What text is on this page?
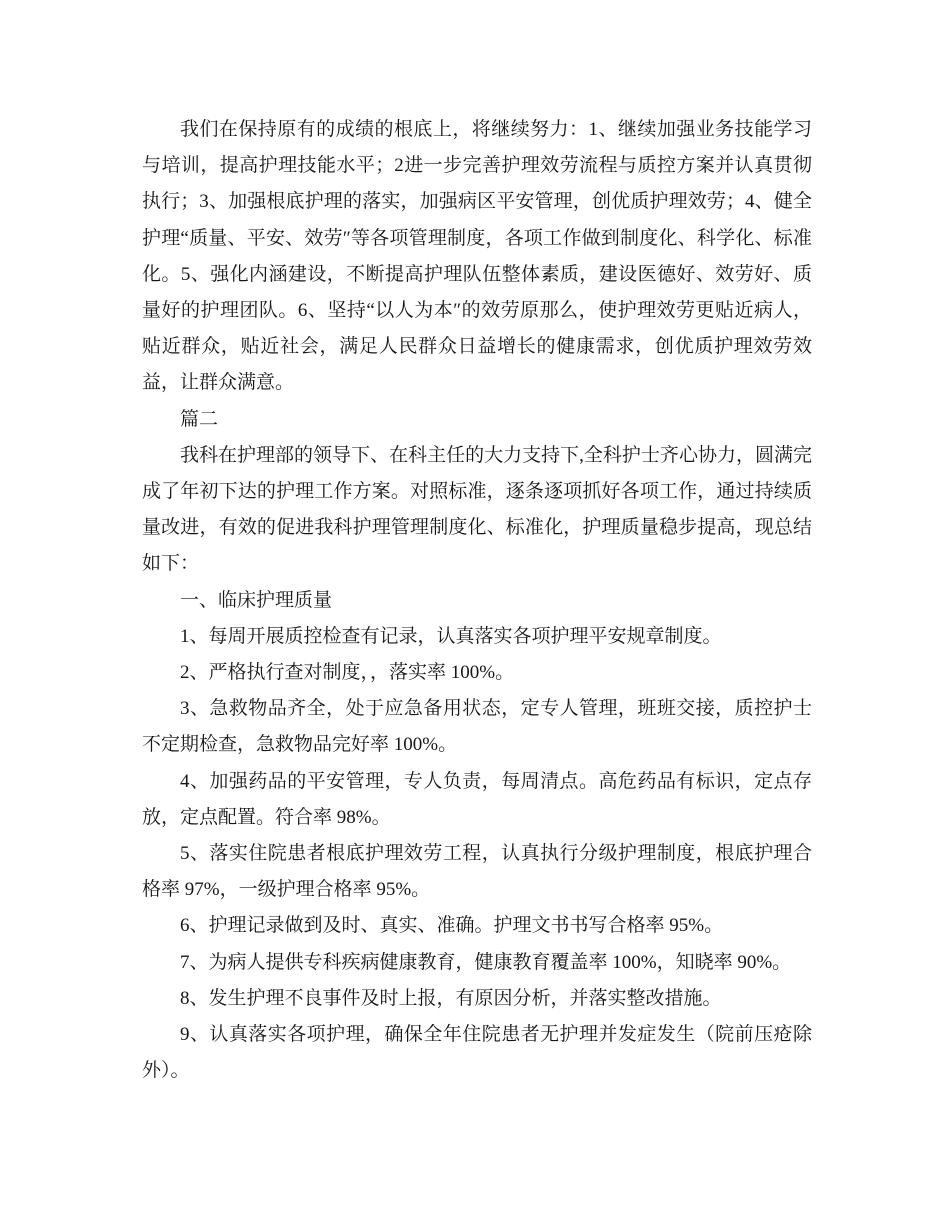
我们在保持原有的成绩的根底上，将继续努力：1、继续加强业务技能学习与培训，提高护理技能水平；2进一步完善护理效劳流程与质控方案并认真贯彻执行；3、加强根底护理的落实，加强病区平安管理，创优质护理效劳；4、健全护理“质量、平安、效劳″等各项管理制度，各项工作做到制度化、科学化、标准化。5、强化内涵建设，不断提高护理队伍整体素质，建设医德好、效劳好、质量好的护理团队。6、坚持“以人为本″的效劳原那么，使护理效劳更贴近病人，贴近群众，贴近社会，满足人民群众日益增长的健康需求，创优质护理效劳效益，让群众满意。

篇二

我科在护理部的领导下、在科主任的大力支持下,全科护士齐心协力，圆满完成了年初下达的护理工作方案。对照标准，逐条逐项抓好各项工作，通过持续质量改进，有效的促进我科护理管理制度化、标准化，护理质量稳步提高，现总结如下：

一、临床护理质量

1、每周开展质控检查有记录，认真落实各项护理平安规章制度。

2、严格执行查对制度，，落实率 100%。

3、急救物品齐全，处于应急备用状态，定专人管理，班班交接，质控护士不定期检查，急救物品完好率 100%。

4、加强药品的平安管理，专人负责，每周清点。高危药品有标识，定点存放，定点配置。符合率 98%。

5、落实住院患者根底护理效劳工程，认真执行分级护理制度，根底护理合格率 97%，一级护理合格率 95%。

6、护理记录做到及时、真实、准确。护理文书书写合格率 95%。

7、为病人提供专科疾病健康教育，健康教育覆盖率 100%，知晓率 90%。

8、发生护理不良事件及时上报，有原因分析，并落实整改措施。

9、认真落实各项护理，确保全年住院患者无护理并发症发生（院前压疮除外）。
